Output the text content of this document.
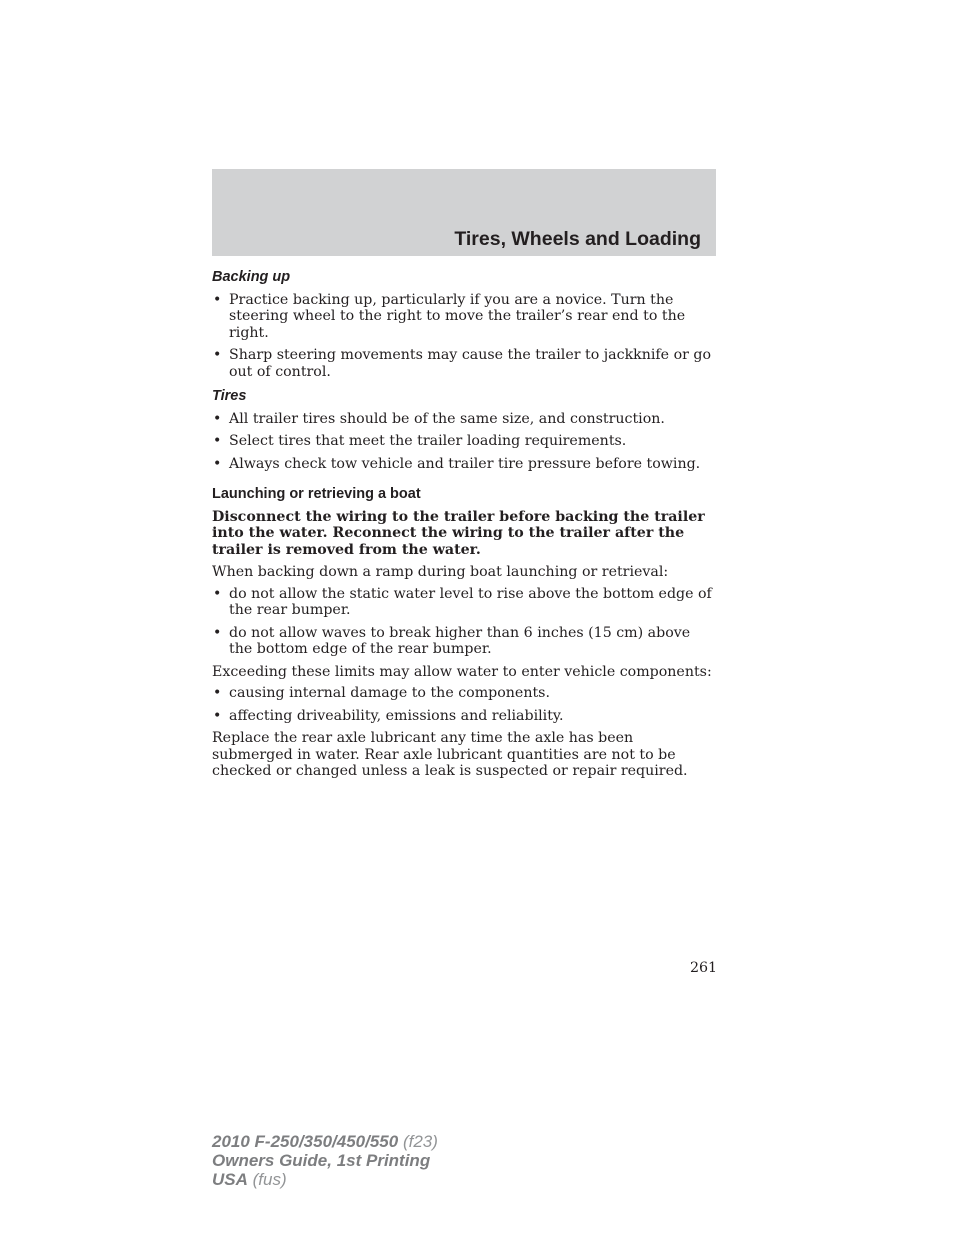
Tires, Wheels and Loading
Backing up
• Practice backing up, particularly if you are a novice. Turn the steering wheel to the right to move the trailer’s rear end to the right.
• Sharp steering movements may cause the trailer to jackknife or go out of control.
Tires
• All trailer tires should be of the same size, and construction.
• Select tires that meet the trailer loading requirements.
• Always check tow vehicle and trailer tire pressure before towing.
Launching or retrieving a boat
Disconnect the wiring to the trailer before backing the trailer into the water. Reconnect the wiring to the trailer after the trailer is removed from the water.
When backing down a ramp during boat launching or retrieval:
• do not allow the static water level to rise above the bottom edge of the rear bumper.
• do not allow waves to break higher than 6 inches (15 cm) above the bottom edge of the rear bumper.
Exceeding these limits may allow water to enter vehicle components:
• causing internal damage to the components.
• affecting driveability, emissions and reliability.
Replace the rear axle lubricant any time the axle has been submerged in water. Rear axle lubricant quantities are not to be checked or changed unless a leak is suspected or repair required.
261
2010 F-250/350/450/550 (f23)
Owners Guide, 1st Printing
USA (fus)
